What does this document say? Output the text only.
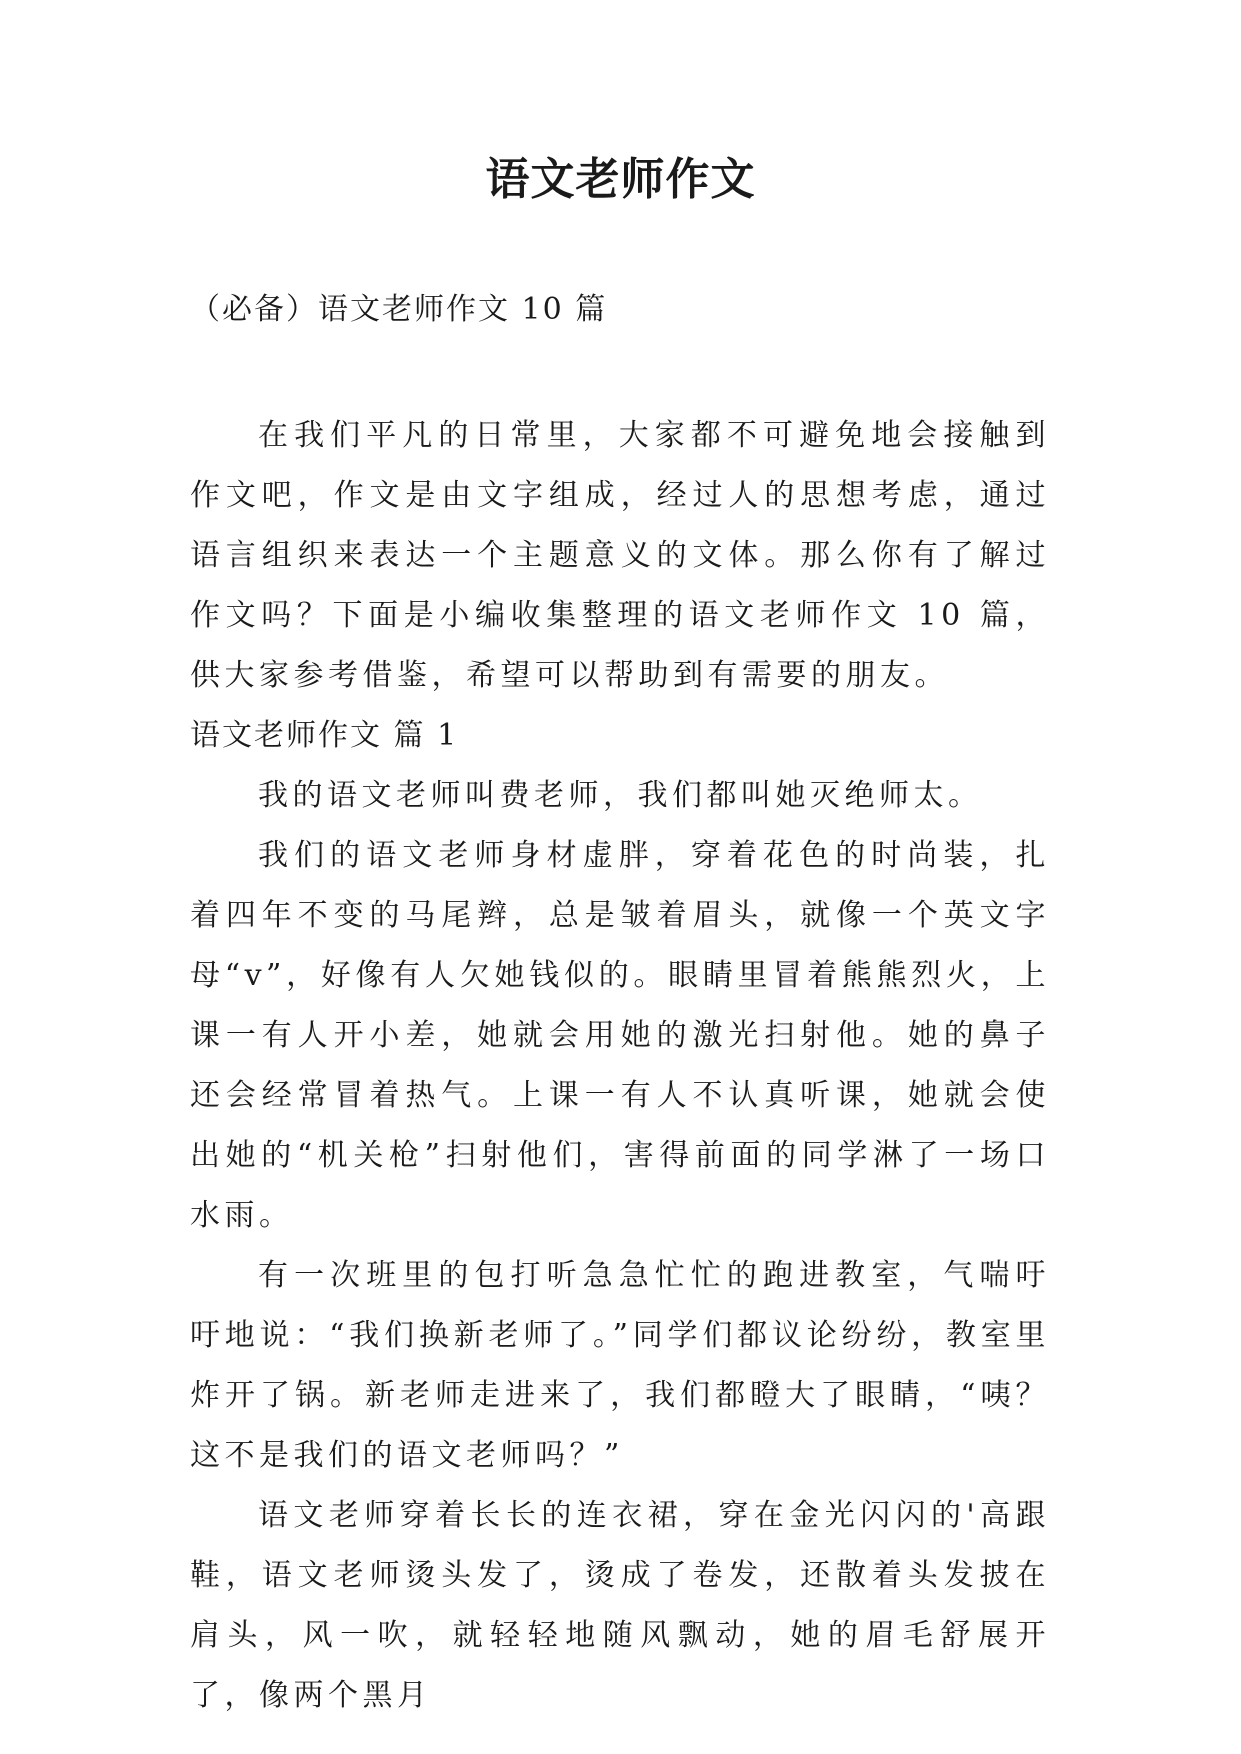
语文老师作文
（必备）语文老师作文 10 篇

在我们平凡的日常里，大家都不可避免地会接触到作文吧，作文是由文字组成，经过人的思想考虑，通过语言组织来表达一个主题意义的文体。那么你有了解过作文吗？下面是小编收集整理的语文老师作文 10 篇，供大家参考借鉴，希望可以帮助到有需要的朋友。

语文老师作文 篇 1

我的语文老师叫费老师，我们都叫她灭绝师太。

我们的语文老师身材虚胖，穿着花色的时尚装，扎着四年不变的马尾辫，总是皱着眉头，就像一个英文字母“v”，好像有人欠她钱似的。眼睛里冒着熊熊烈火，上课一有人开小差，她就会用她的激光扫射他。她的鼻子还会经常冒着热气。上课一有人不认真听课，她就会使出她的“机关枪”扫射他们，害得前面的同学淋了一场口水雨。

有一次班里的包打听急急忙忙的跑进教室，气喘吁吁地说：“我们换新老师了。”同学们都议论纷纷，教室里炸开了锅。新老师走进来了，我们都瞪大了眼睛，“咦？这不是我们的语文老师吗？”

语文老师穿着长长的连衣裙，穿在金光闪闪的'高跟鞋，语文老师烫头发了，烫成了卷发，还散着头发披在肩头，风一吹，就轻轻地随风飘动，她的眉毛舒展开了，像两个黑月
